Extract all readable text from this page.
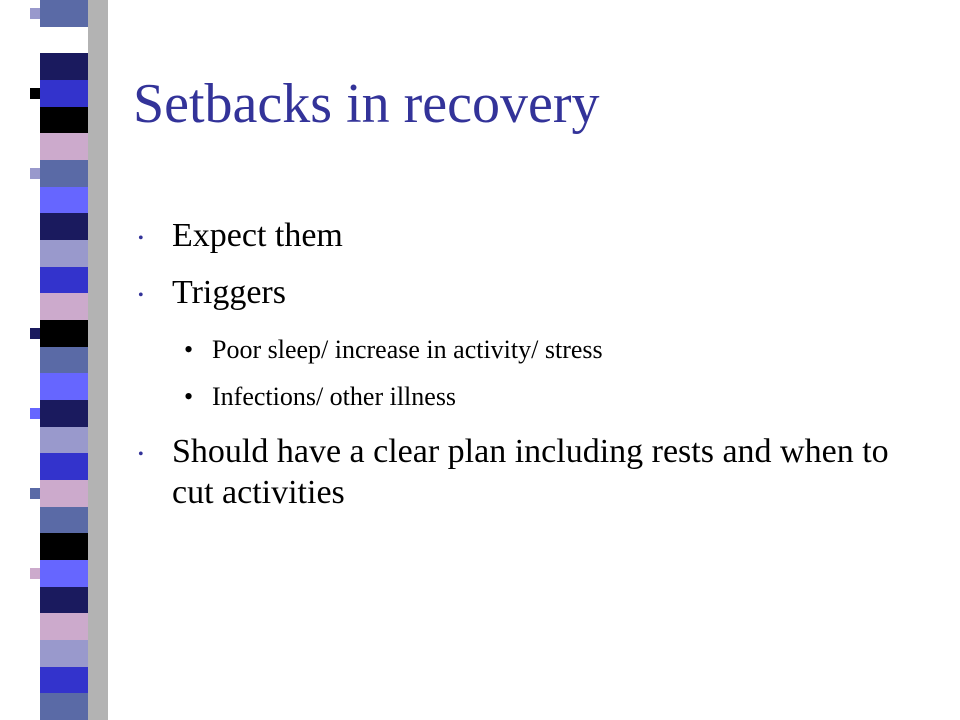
Setbacks in recovery
• Expect them
• Triggers
• Poor sleep/ increase in activity/ stress
• Infections/ other illness
• Should have a clear plan including rests and when to cut activities
